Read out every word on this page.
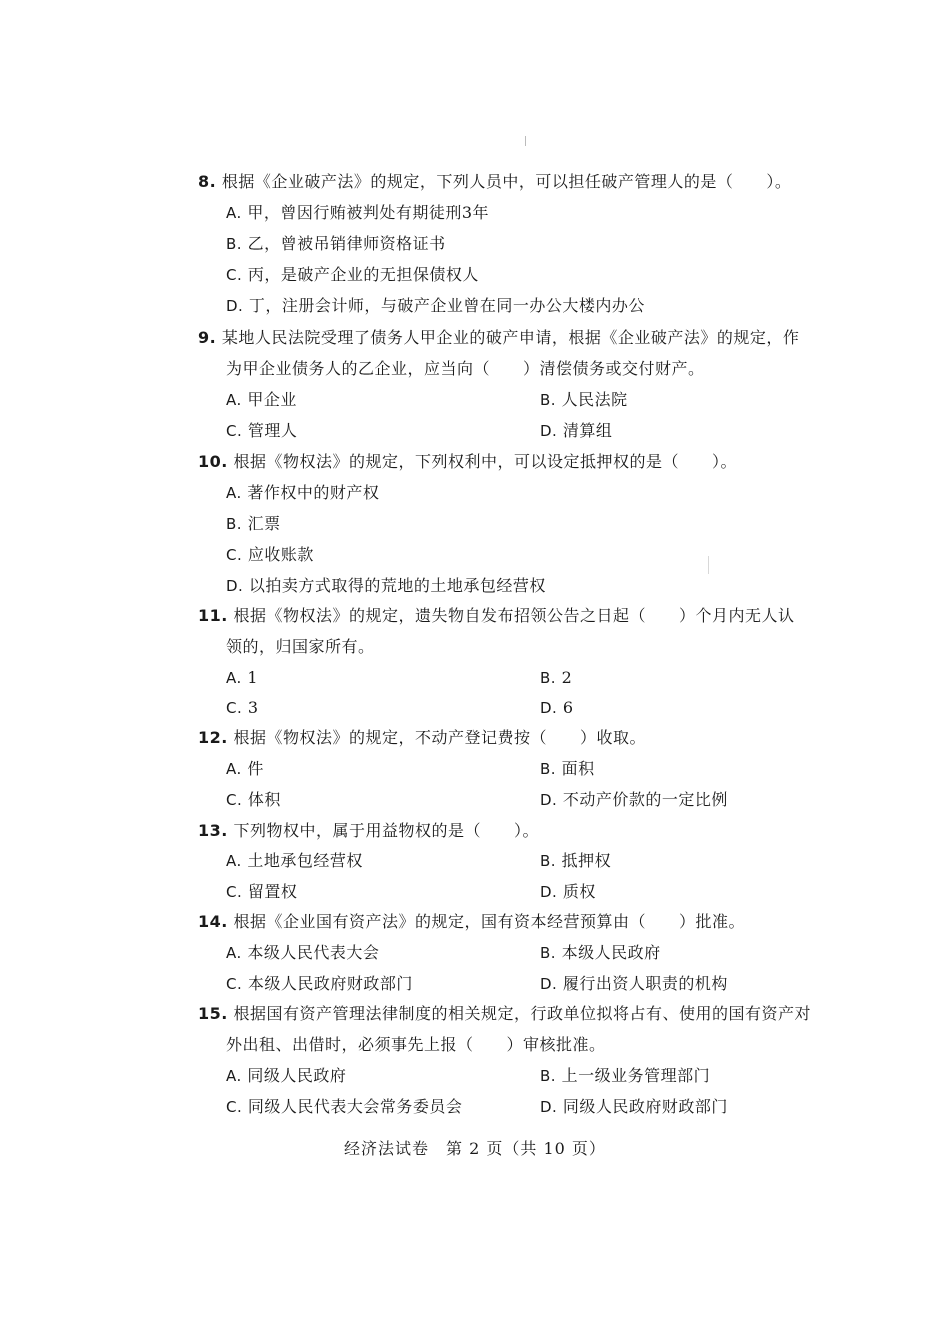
8. 根据《企业破产法》的规定，下列人员中，可以担任破产管理人的是（　　）。
A. 甲，曾因行贿被判处有期徒刑3年
B. 乙，曾被吊销律师资格证书
C. 丙，是破产企业的无担保债权人
D. 丁，注册会计师，与破产企业曾在同一办公大楼内办公
9. 某地人民法院受理了债务人甲企业的破产申请，根据《企业破产法》的规定，作
为甲企业债务人的乙企业，应当向（　　）清偿债务或交付财产。
A. 甲企业	B. 人民法院
C. 管理人	D. 清算组
10. 根据《物权法》的规定，下列权利中，可以设定抵押权的是（　　）。
A. 著作权中的财产权
B. 汇票
C. 应收账款
D. 以拍卖方式取得的荒地的土地承包经营权
11. 根据《物权法》的规定，遗失物自发布招领公告之日起（　　）个月内无人认
领的，归国家所有。
A. 1	B. 2
C. 3	D. 6
12. 根据《物权法》的规定，不动产登记费按（　　）收取。
A. 件	B. 面积
C. 体积	D. 不动产价款的一定比例
13. 下列物权中，属于用益物权的是（　　）。
A. 土地承包经营权	B. 抵押权
C. 留置权	D. 质权
14. 根据《企业国有资产法》的规定，国有资本经营预算由（　　）批准。
A. 本级人民代表大会	B. 本级人民政府
C. 本级人民政府财政部门	D. 履行出资人职责的机构
15. 根据国有资产管理法律制度的相关规定，行政单位拟将占有、使用的国有资产对
外出租、出借时，必须事先上报（　　）审核批准。
A. 同级人民政府	B. 上一级业务管理部门
C. 同级人民代表大会常务委员会	D. 同级人民政府财政部门
经济法试卷　第 2 页（共 10 页）
